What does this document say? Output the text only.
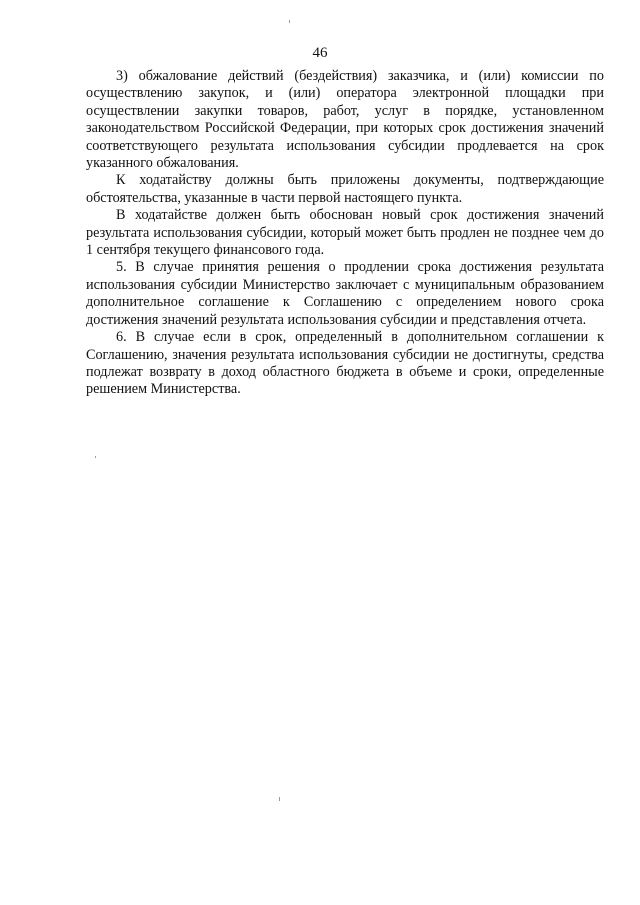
46

3) обжалование действий (бездействия) заказчика, и (или) комиссии по осуществлению закупок, и (или) оператора электронной площадки при осуществлении закупки товаров, работ, услуг в порядке, установленном законодательством Российской Федерации, при которых срок достижения значений соответствующего результата использования субсидии продлевается на срок указанного обжалования.

К ходатайству должны быть приложены документы, подтверждающие обстоятельства, указанные в части первой настоящего пункта.

В ходатайстве должен быть обоснован новый срок достижения значений результата использования субсидии, который может быть продлен не позднее чем до 1 сентября текущего финансового года.

5. В случае принятия решения о продлении срока достижения результата использования субсидии Министерство заключает с муниципальным образованием дополнительное соглашение к Соглашению с определением нового срока достижения значений результата использования субсидии и представления отчета.

6. В случае если в срок, определенный в дополнительном соглашении к Соглашению, значения результата использования субсидии не достигнуты, средства подлежат возврату в доход областного бюджета в объеме и сроки, определенные решением Министерства.
